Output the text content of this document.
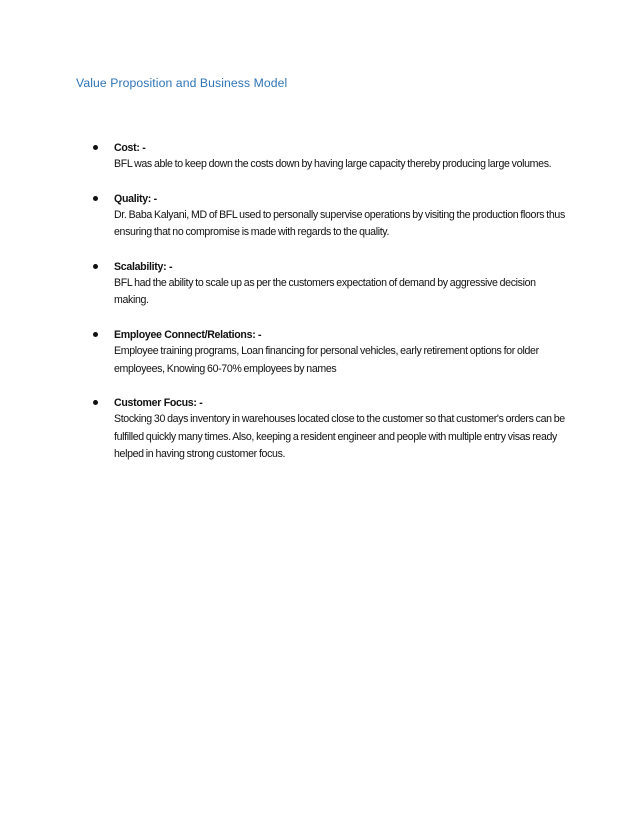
Value Proposition and Business Model
Cost: -
BFL was able to keep down the costs down by having large capacity thereby producing large volumes.
Quality: -
Dr. Baba Kalyani, MD of BFL used to personally supervise operations by visiting the production floors thus ensuring that no compromise is made with regards to the quality.
Scalability: -
BFL had the ability to scale up as per the customers expectation of demand by aggressive decision making.
Employee Connect/Relations: -
Employee training programs, Loan financing for personal vehicles, early retirement options for older employees, Knowing 60-70% employees by names
Customer Focus: -
Stocking 30 days inventory in warehouses located close to the customer so that customer's orders can be fulfilled quickly many times. Also, keeping a resident engineer and people with multiple entry visas ready helped in having strong customer focus.
